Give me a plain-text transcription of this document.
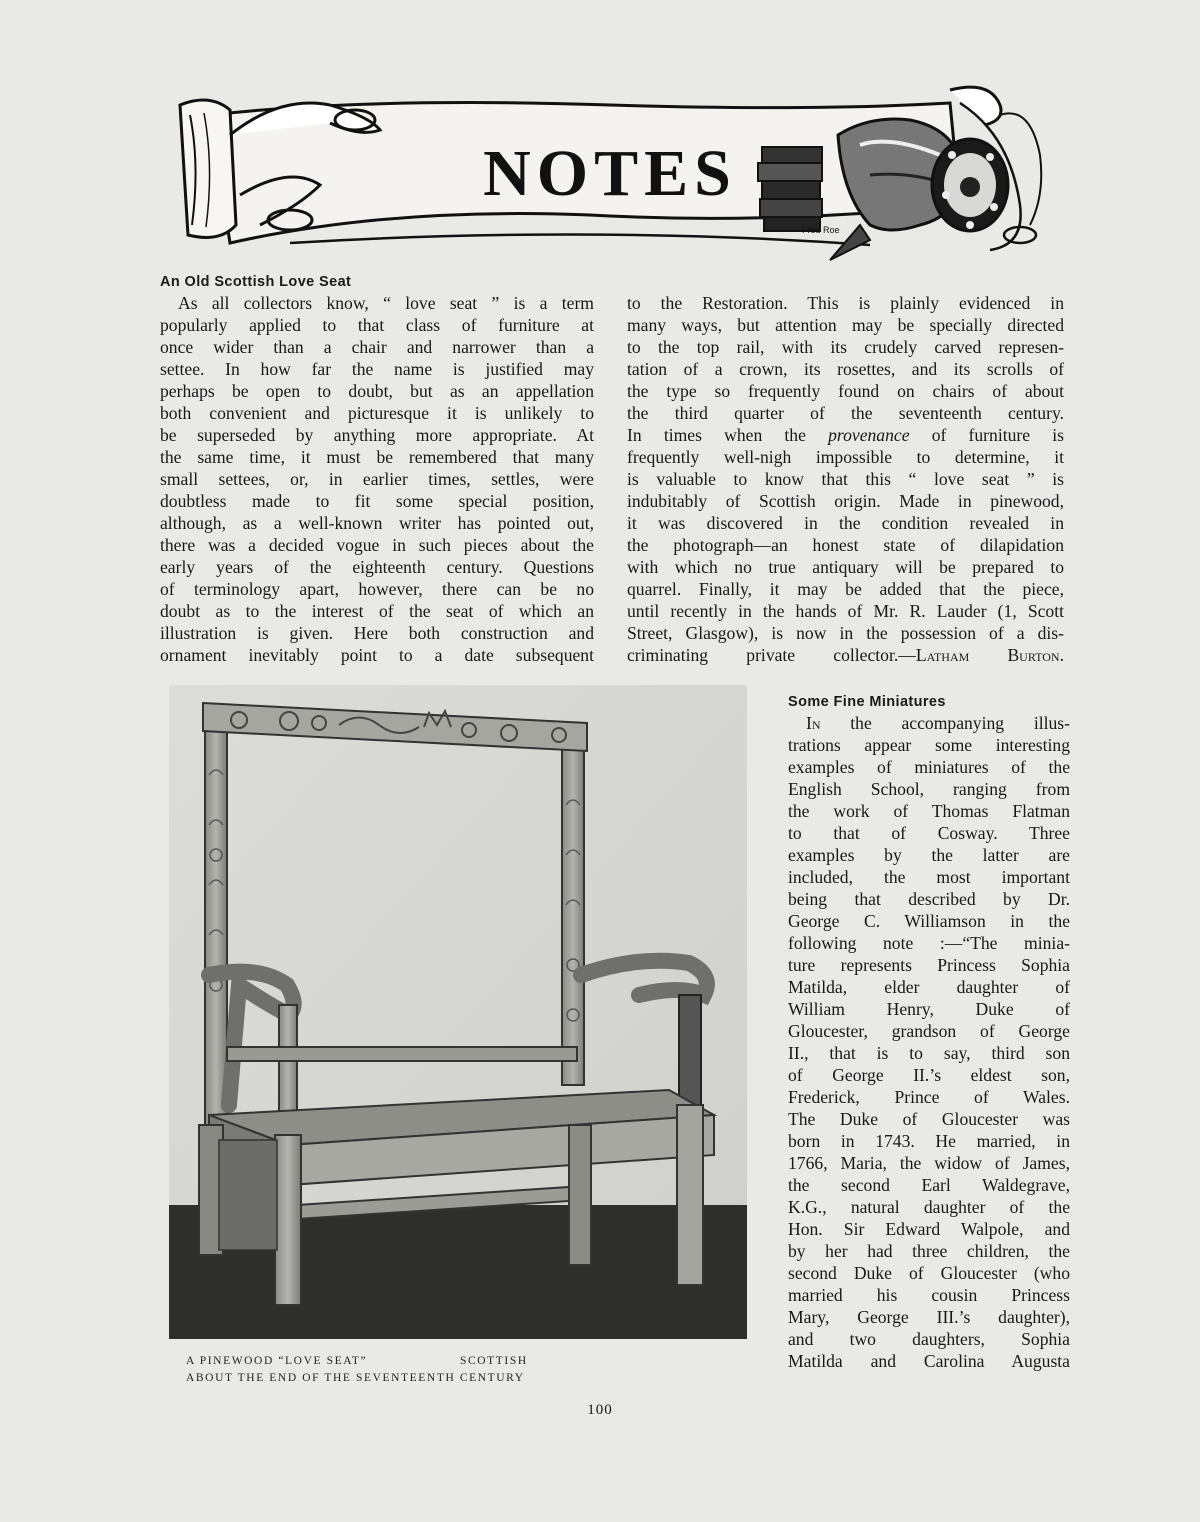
NOTES
Fred Roe
An Old Scottish Love Seat

As all collectors know, “ love seat ” is a term

popularly applied to that class of furniture at

once wider than a chair and narrower than a

settee. In how far the name is justified may

perhaps be open to doubt, but as an appellation

both convenient and picturesque it is unlikely to

be superseded by anything more appropriate. At

the same time, it must be remembered that many

small settees, or, in earlier times, settles, were

doubtless made to fit some special position,

although, as a well-known writer has pointed out,

there was a decided vogue in such pieces about the

early years of the eighteenth century. Questions

of terminology apart, however, there can be no

doubt as to the interest of the seat of which an

illustration is given. Here both construction and

ornament inevitably point to a date subsequent

to the Restoration. This is plainly evidenced in

many ways, but attention may be specially directed

to the top rail, with its crudely carved represen-

tation of a crown, its rosettes, and its scrolls of

the type so frequently found on chairs of about

the third quarter of the seventeenth century.

In times when the provenance of furniture is

frequently well-nigh impossible to determine, it

is valuable to know that this “ love seat ” is

indubitably of Scottish origin. Made in pinewood,

it was discovered in the condition revealed in

the photograph—an honest state of dilapidation

with which no true antiquary will be prepared to

quarrel. Finally, it may be added that the piece,

until recently in the hands of Mr. R. Lauder (1, Scott

Street, Glasgow), is now in the possession of a dis-

criminating private collector.—Latham Burton.

A PINEWOOD “LOVE SEAT”	SCOTTISH
ABOUT THE END OF THE SEVENTEENTH CENTURY
Some Fine Miniatures

In the accompanying illus-

trations appear some interesting

examples of miniatures of the

English School, ranging from

the work of Thomas Flatman

to that of Cosway. Three

examples by the latter are

included, the most important

being that described by Dr.

George C. Williamson in the

following note :—“The minia-

ture represents Princess Sophia

Matilda, elder daughter of

William Henry, Duke of

Gloucester, grandson of George

II., that is to say, third son

of George II.’s eldest son,

Frederick, Prince of Wales.

The Duke of Gloucester was

born in 1743. He married, in

1766, Maria, the widow of James,

the second Earl Waldegrave,

K.G., natural daughter of the

Hon. Sir Edward Walpole, and

by her had three children, the

second Duke of Gloucester (who

married his cousin Princess

Mary, George III.’s daughter),

and two daughters, Sophia

Matilda and Carolina Augusta

100
